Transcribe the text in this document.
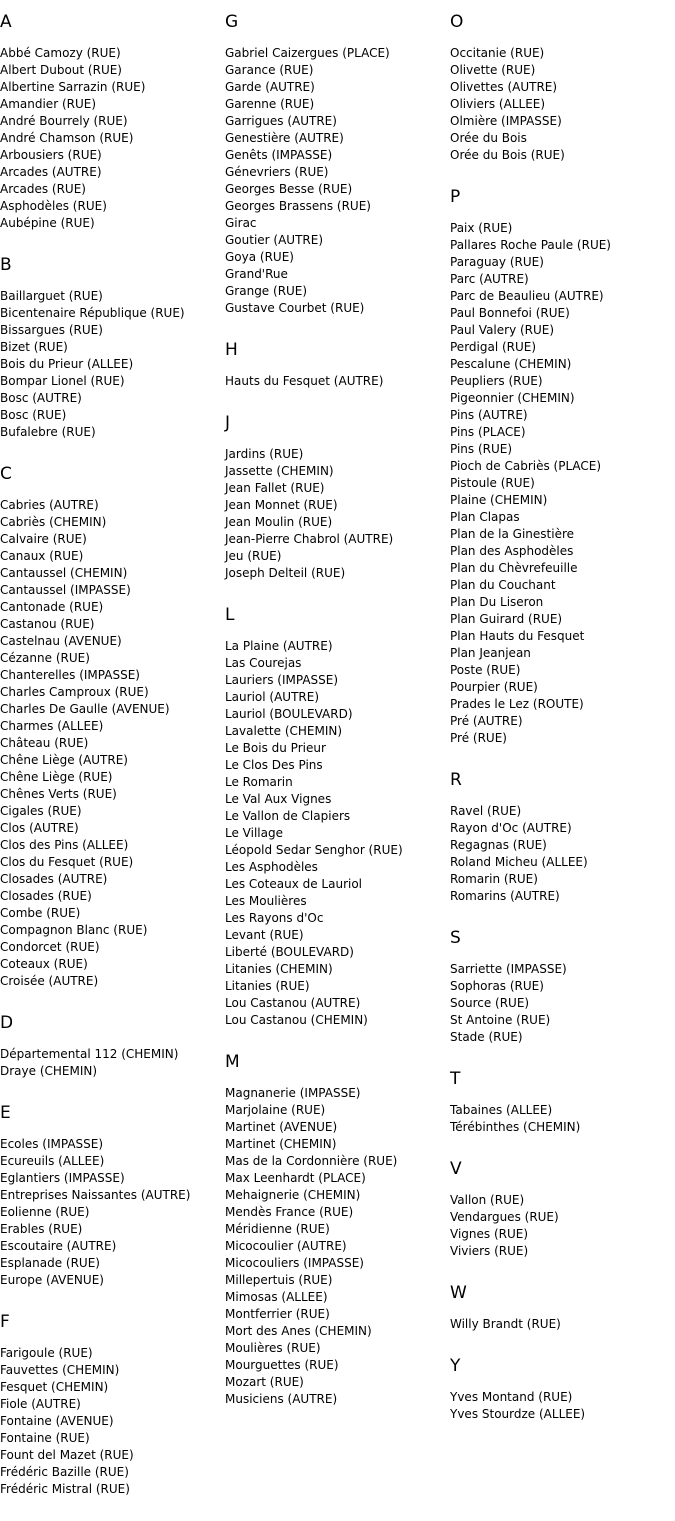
A
Abbé Camozy (RUE)
Albert Dubout (RUE)
Albertine Sarrazin (RUE)
Amandier (RUE)
André Bourrely (RUE)
André Chamson (RUE)
Arbousiers (RUE)
Arcades (AUTRE)
Arcades (RUE)
Asphodèles (RUE)
Aubépine (RUE)
B
Baillarguet (RUE)
Bicentenaire République (RUE)
Bissargues (RUE)
Bizet (RUE)
Bois du Prieur (ALLEE)
Bompar Lionel (RUE)
Bosc (AUTRE)
Bosc (RUE)
Bufalebre (RUE)
C
Cabries (AUTRE)
Cabriès (CHEMIN)
Calvaire (RUE)
Canaux (RUE)
Cantaussel (CHEMIN)
Cantaussel (IMPASSE)
Cantonade (RUE)
Castanou (RUE)
Castelnau (AVENUE)
Cézanne (RUE)
Chanterelles (IMPASSE)
Charles Camproux (RUE)
Charles De Gaulle (AVENUE)
Charmes (ALLEE)
Château (RUE)
Chêne Liège (AUTRE)
Chêne Liège (RUE)
Chênes Verts (RUE)
Cigales (RUE)
Clos (AUTRE)
Clos des Pins (ALLEE)
Clos du Fesquet (RUE)
Closades (AUTRE)
Closades (RUE)
Combe (RUE)
Compagnon Blanc (RUE)
Condorcet (RUE)
Coteaux (RUE)
Croisée (AUTRE)
D
Départemental 112 (CHEMIN)
Draye (CHEMIN)
E
Ecoles (IMPASSE)
Ecureuils (ALLEE)
Eglantiers (IMPASSE)
Entreprises Naissantes (AUTRE)
Eolienne (RUE)
Erables (RUE)
Escoutaire (AUTRE)
Esplanade (RUE)
Europe (AVENUE)
F
Farigoule (RUE)
Fauvettes (CHEMIN)
Fesquet (CHEMIN)
Fiole (AUTRE)
Fontaine (AVENUE)
Fontaine (RUE)
Fount del Mazet (RUE)
Frédéric Bazille (RUE)
Frédéric Mistral (RUE)
G
Gabriel Caizergues (PLACE)
Garance (RUE)
Garde (AUTRE)
Garenne (RUE)
Garrigues (AUTRE)
Genestière (AUTRE)
Genêts (IMPASSE)
Génevriers (RUE)
Georges Besse (RUE)
Georges Brassens (RUE)
Girac
Goutier (AUTRE)
Goya (RUE)
Grand'Rue
Grange (RUE)
Gustave Courbet (RUE)
H
Hauts du Fesquet (AUTRE)
J
Jardins (RUE)
Jassette (CHEMIN)
Jean Fallet (RUE)
Jean Monnet (RUE)
Jean Moulin (RUE)
Jean-Pierre Chabrol (AUTRE)
Jeu (RUE)
Joseph Delteil (RUE)
L
La Plaine (AUTRE)
Las Courejas
Lauriers (IMPASSE)
Lauriol (AUTRE)
Lauriol (BOULEVARD)
Lavalette (CHEMIN)
Le Bois du Prieur
Le Clos Des Pins
Le Romarin
Le Val Aux Vignes
Le Vallon de Clapiers
Le Village
Léopold Sedar Senghor (RUE)
Les Asphodèles
Les Coteaux de Lauriol
Les Moulières
Les Rayons d'Oc
Levant (RUE)
Liberté (BOULEVARD)
Litanies (CHEMIN)
Litanies (RUE)
Lou Castanou (AUTRE)
Lou Castanou (CHEMIN)
M
Magnanerie (IMPASSE)
Marjolaine (RUE)
Martinet (AVENUE)
Martinet (CHEMIN)
Mas de la Cordonnière (RUE)
Max Leenhardt (PLACE)
Mehaignerie (CHEMIN)
Mendès France (RUE)
Méridienne (RUE)
Micocoulier (AUTRE)
Micocouliers (IMPASSE)
Millepertuis (RUE)
Mimosas (ALLEE)
Montferrier (RUE)
Mort des Anes (CHEMIN)
Moulières (RUE)
Mourguettes (RUE)
Mozart (RUE)
Musiciens (AUTRE)
O
Occitanie (RUE)
Olivette (RUE)
Olivettes (AUTRE)
Oliviers (ALLEE)
Olmière (IMPASSE)
Orée du Bois
Orée du Bois (RUE)
P
Paix (RUE)
Pallares Roche Paule (RUE)
Paraguay (RUE)
Parc (AUTRE)
Parc de Beaulieu (AUTRE)
Paul Bonnefoi (RUE)
Paul Valery (RUE)
Perdigal (RUE)
Pescalune (CHEMIN)
Peupliers (RUE)
Pigeonnier (CHEMIN)
Pins (AUTRE)
Pins (PLACE)
Pins (RUE)
Pioch de Cabriès (PLACE)
Pistoule (RUE)
Plaine (CHEMIN)
Plan Clapas
Plan de la Ginestière
Plan des Asphodèles
Plan du Chèvrefeuille
Plan du Couchant
Plan Du Liseron
Plan Guirard (RUE)
Plan Hauts du Fesquet
Plan Jeanjean
Poste (RUE)
Pourpier (RUE)
Prades le Lez (ROUTE)
Pré (AUTRE)
Pré (RUE)
R
Ravel (RUE)
Rayon d'Oc (AUTRE)
Regagnas (RUE)
Roland Micheu (ALLEE)
Romarin (RUE)
Romarins (AUTRE)
S
Sarriette (IMPASSE)
Sophoras (RUE)
Source (RUE)
St Antoine (RUE)
Stade (RUE)
T
Tabaines (ALLEE)
Térébinthes (CHEMIN)
V
Vallon (RUE)
Vendargues (RUE)
Vignes (RUE)
Viviers (RUE)
W
Willy Brandt (RUE)
Y
Yves Montand (RUE)
Yves Stourdze (ALLEE)
